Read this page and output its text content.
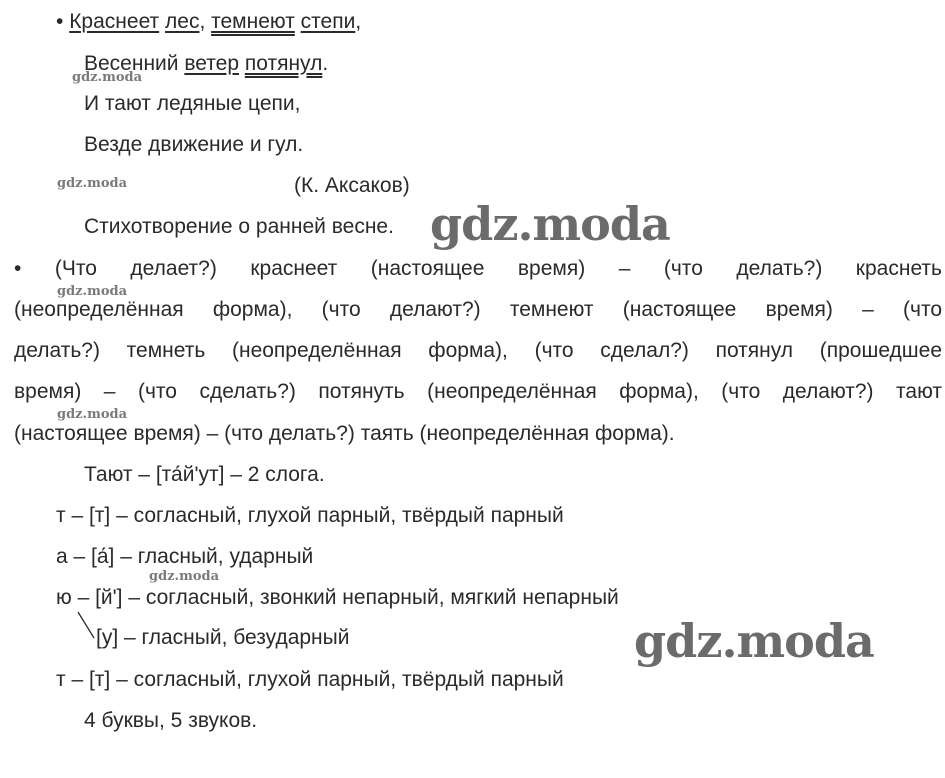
• Краснеет лес, темнеют степи,
Весенний ветер потянул.
И тают ледяные цепи,
Везде движение и гул.
(К. Аксаков)
Стихотворение о ранней весне.
• (Что делает?) краснеет (настоящее время) – (что делать?) краснеть
(неопределённая форма), (что делают?) темнеют (настоящее время) – (что
делать?) темнеть (неопределённая форма), (что сделал?) потянул (прошедшее
время) – (что сделать?) потянуть (неопределённая форма), (что делают?) тают
(настоящее время) – (что делать?) таять (неопределённая форма).
Тают – [та́й'ут] – 2 слога.
т – [т] – согласный, глухой парный, твёрдый парный
а – [а́] – гласный, ударный
ю – [й'] – согласный, звонкий непарный, мягкий непарный
[у] – гласный, безударный
т – [т] – согласный, глухой парный, твёрдый парный
4 буквы, 5 звуков.
gdz.moda
gdz.moda
gdz.moda
gdz.moda
gdz.moda
gdz.moda
gdz.moda
